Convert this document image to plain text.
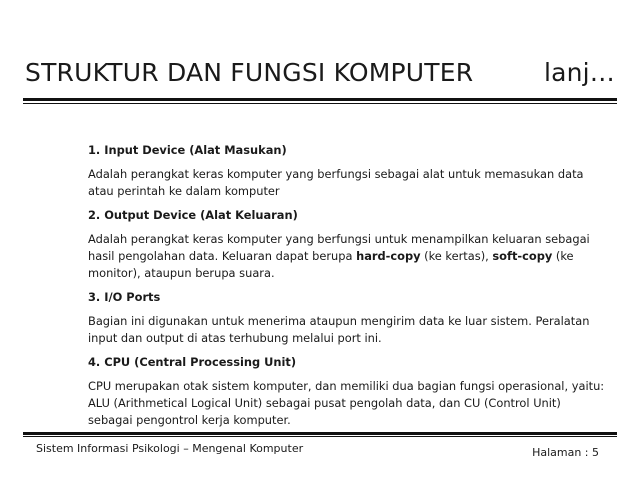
STRUKTUR DAN FUNGSI KOMPUTER	lanj…
1. Input Device (Alat Masukan)
Adalah perangkat keras komputer yang berfungsi sebagai alat untuk memasukan data atau perintah ke dalam komputer
2. Output Device (Alat Keluaran)
Adalah perangkat keras komputer yang berfungsi untuk menampilkan keluaran sebagai hasil pengolahan data. Keluaran dapat berupa hard-copy (ke kertas), soft-copy (ke monitor), ataupun berupa suara.
3. I/O Ports
Bagian ini digunakan untuk menerima ataupun mengirim data ke luar sistem. Peralatan input dan output di atas terhubung melalui port ini.
4. CPU (Central Processing Unit)
CPU merupakan otak sistem komputer, dan memiliki dua bagian fungsi operasional, yaitu: ALU (Arithmetical Logical Unit) sebagai pusat pengolah data, dan CU (Control Unit) sebagai pengontrol kerja komputer.
Sistem Informasi Psikologi – Mengenal Komputer	Halaman : 5
